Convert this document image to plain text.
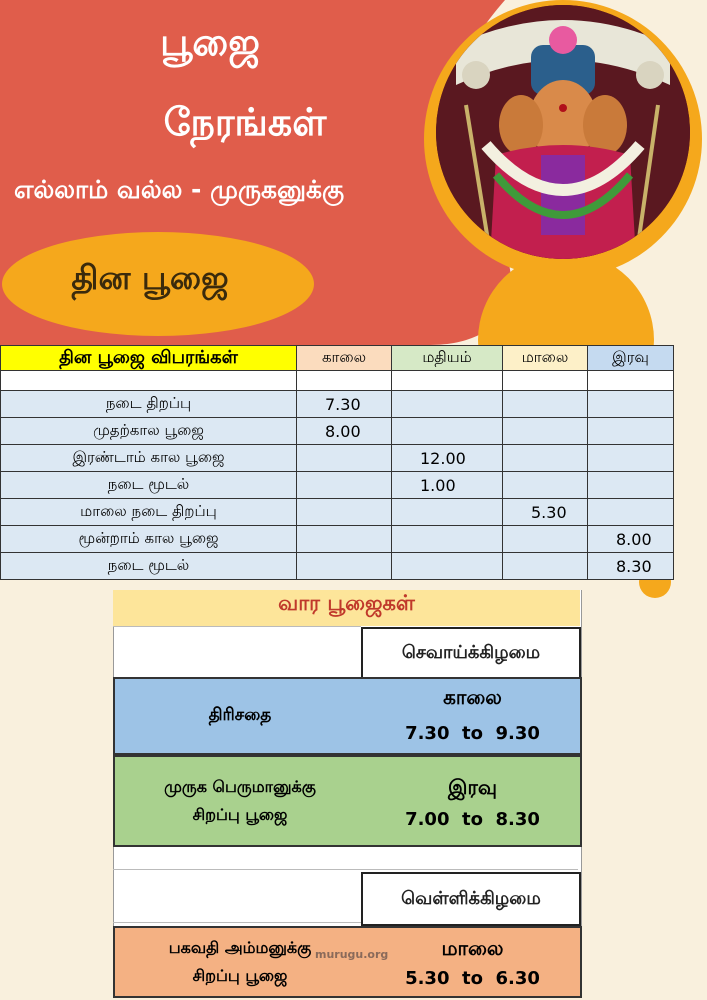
பூஜை
நேரங்கள்
எல்லாம் வல்ல - முருகனுக்கு
தின பூஜை
தின பூஜை விபரங்கள்	காலை	மதியம்	மாலை	இரவு

நடை திறப்பு	7.30			
முதற்கால பூஜை	8.00			
இரண்டாம் கால பூஜை		12.00		
நடை மூடல்		1.00		
மாலை நடை திறப்பு			5.30	
மூன்றாம் கால பூஜை				8.00
நடை மூடல்				8.30
வார பூஜைகள்
செவாய்க்கிழமை
திரிசதை
காலை
7.30  to  9.30
முருக பெருமானுக்கு
சிறப்பு பூஜை
இரவு
7.00  to  8.30
வெள்ளிக்கிழமை
பகவதி அம்மனுக்கு
சிறப்பு பூஜை
மாலை
5.30  to  6.30
murugu.org
